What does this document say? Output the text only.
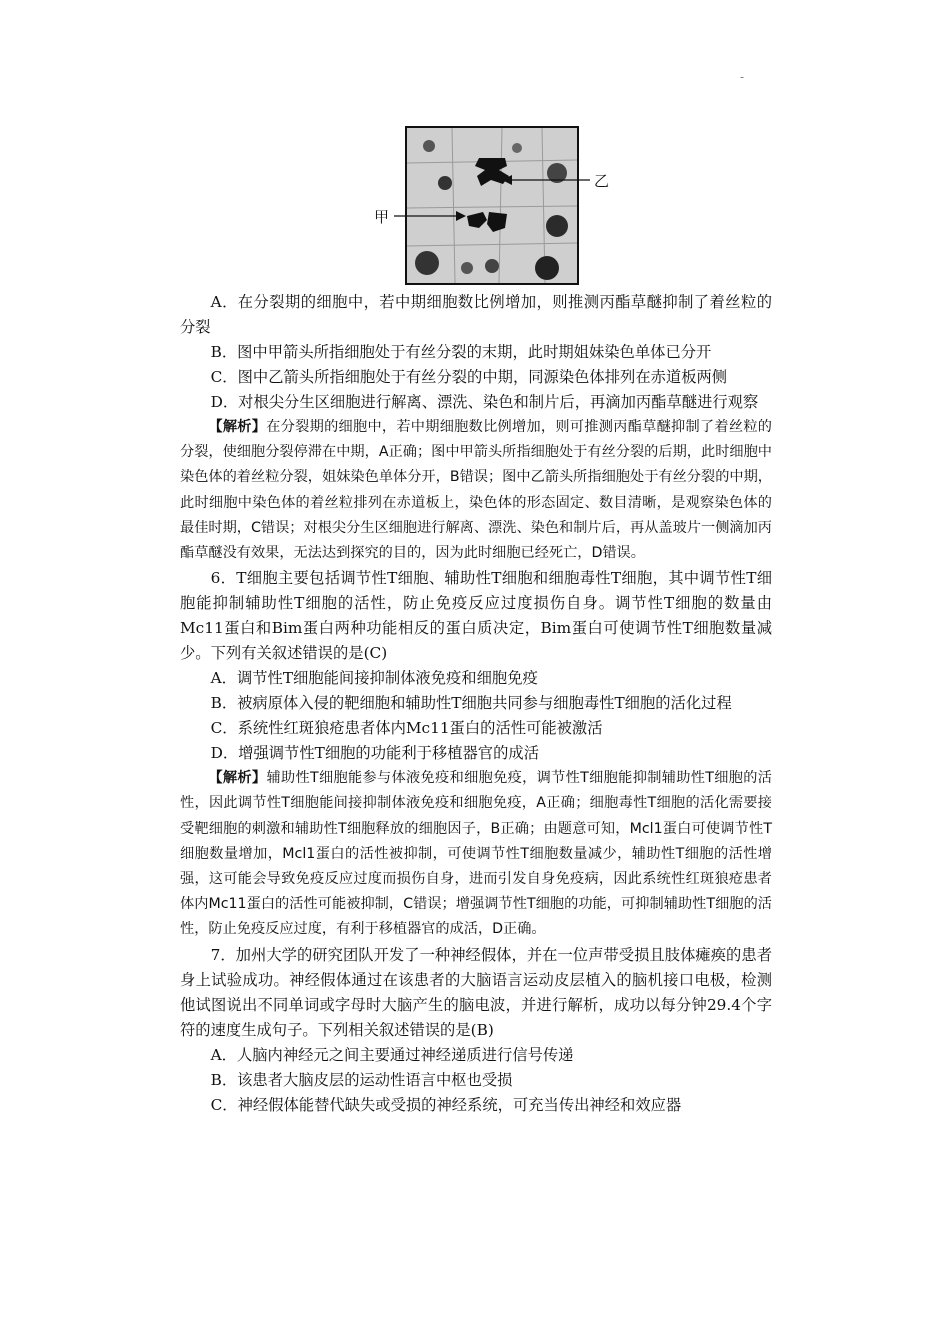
-
乙
甲

A．在分裂期的细胞中，若中期细胞数比例增加，则推测丙酯草醚抑制了着丝粒的分裂

B．图中甲箭头所指细胞处于有丝分裂的末期，此时期姐妹染色单体已分开

C．图中乙箭头所指细胞处于有丝分裂的中期，同源染色体排列在赤道板两侧

D．对根尖分生区细胞进行解离、漂洗、染色和制片后，再滴加丙酯草醚进行观察

【解析】在分裂期的细胞中，若中期细胞数比例增加，则可推测丙酯草醚抑制了着丝粒的分裂，使细胞分裂停滞在中期，A正确；图中甲箭头所指细胞处于有丝分裂的后期，此时细胞中染色体的着丝粒分裂，姐妹染色单体分开，B错误；图中乙箭头所指细胞处于有丝分裂的中期，此时细胞中染色体的着丝粒排列在赤道板上，染色体的形态固定、数目清晰，是观察染色体的最佳时期，C错误；对根尖分生区细胞进行解离、漂洗、染色和制片后，再从盖玻片一侧滴加丙酯草醚没有效果，无法达到探究的目的，因为此时细胞已经死亡，D错误。

6．T细胞主要包括调节性T细胞、辅助性T细胞和细胞毒性T细胞，其中调节性T细胞能抑制辅助性T细胞的活性，防止免疫反应过度损伤自身。调节性T细胞的数量由Mc11蛋白和Bim蛋白两种功能相反的蛋白质决定，Bim蛋白可使调节性T细胞数量减少。下列有关叙述错误的是(C)

A．调节性T细胞能间接抑制体液免疫和细胞免疫

B．被病原体入侵的靶细胞和辅助性T细胞共同参与细胞毒性T细胞的活化过程

C．系统性红斑狼疮患者体内Mc11蛋白的活性可能被激活

D．增强调节性T细胞的功能利于移植器官的成活

【解析】辅助性T细胞能参与体液免疫和细胞免疫，调节性T细胞能抑制辅助性T细胞的活性，因此调节性T细胞能间接抑制体液免疫和细胞免疫，A正确；细胞毒性T细胞的活化需要接受靶细胞的刺激和辅助性T细胞释放的细胞因子，B正确；由题意可知，Mcl1蛋白可使调节性T细胞数量增加，Mcl1蛋白的活性被抑制，可使调节性T细胞数量减少，辅助性T细胞的活性增强，这可能会导致免疫反应过度而损伤自身，进而引发自身免疫病，因此系统性红斑狼疮患者体内Mc11蛋白的活性可能被抑制，C错误；增强调节性T细胞的功能，可抑制辅助性T细胞的活性，防止免疫反应过度，有利于移植器官的成活，D正确。

7．加州大学的研究团队开发了一种神经假体，并在一位声带受损且肢体瘫痪的患者身上试验成功。神经假体通过在该患者的大脑语言运动皮层植入的脑机接口电极，检测他试图说出不同单词或字母时大脑产生的脑电波，并进行解析，成功以每分钟29.4个字符的速度生成句子。下列相关叙述错误的是(B)

A．人脑内神经元之间主要通过神经递质进行信号传递

B．该患者大脑皮层的运动性语言中枢也受损

C．神经假体能替代缺失或受损的神经系统，可充当传出神经和效应器
